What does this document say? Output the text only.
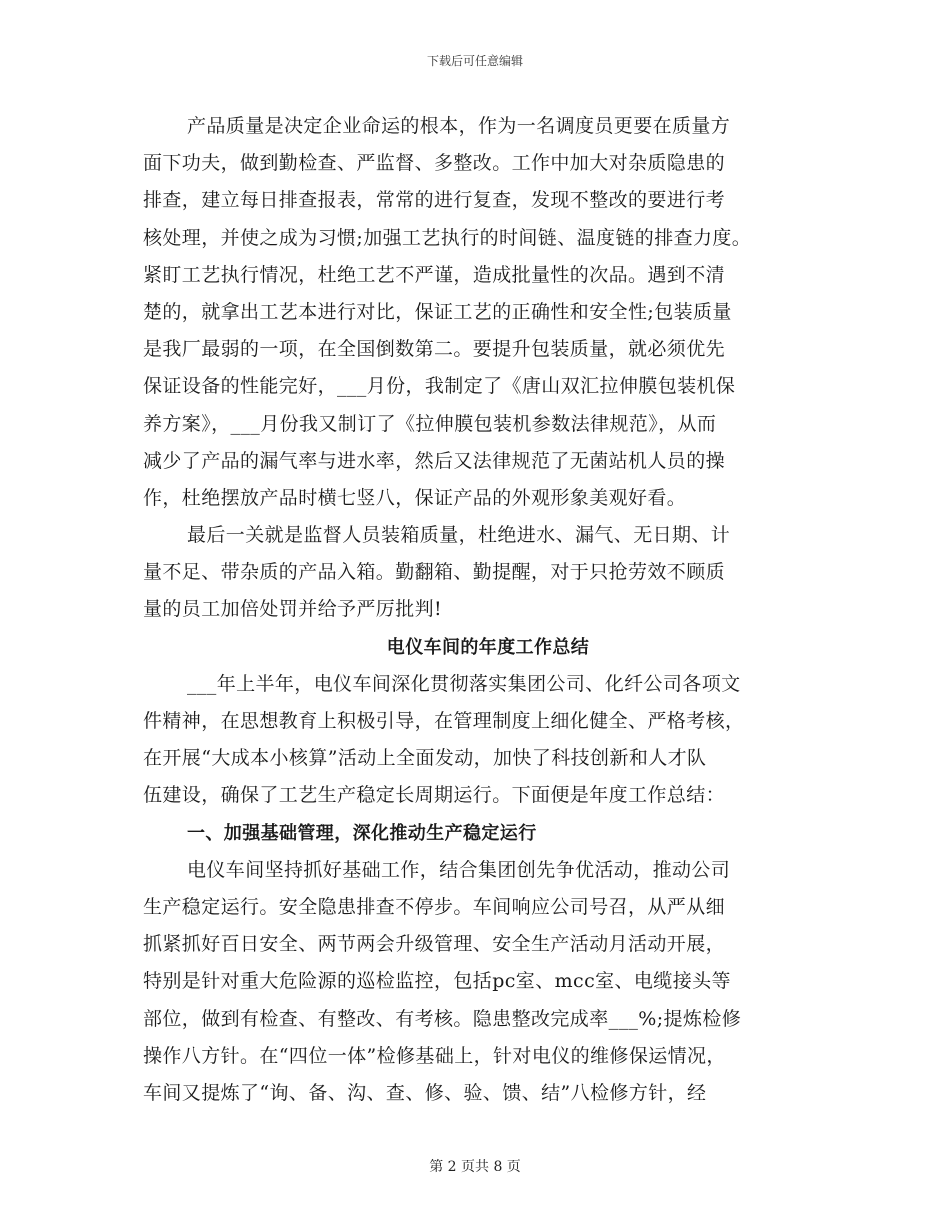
下载后可任意编辑
产品质量是决定企业命运的根本，作为一名调度员更要在质量方
面下功夫，做到勤检查、严监督、多整改。工作中加大对杂质隐患的
排查，建立每日排查报表，常常的进行复查，发现不整改的要进行考
核处理，并使之成为习惯;加强工艺执行的时间链、温度链的排查力度。
紧盯工艺执行情况，杜绝工艺不严谨，造成批量性的次品。遇到不清
楚的，就拿出工艺本进行对比，保证工艺的正确性和安全性;包装质量
是我厂最弱的一项，在全国倒数第二。要提升包装质量，就必须优先
保证设备的性能完好，___月份，我制定了《唐山双汇拉伸膜包装机保
养方案》，___月份我又制订了《拉伸膜包装机参数法律规范》，从而
减少了产品的漏气率与进水率，然后又法律规范了无菌站机人员的操
作，杜绝摆放产品时横七竖八，保证产品的外观形象美观好看。
最后一关就是监督人员装箱质量，杜绝进水、漏气、无日期、计
量不足、带杂质的产品入箱。勤翻箱、勤提醒，对于只抢劳效不顾质
量的员工加倍处罚并给予严厉批判!
电仪车间的年度工作总结
___年上半年，电仪车间深化贯彻落实集团公司、化纤公司各项文
件精神，在思想教育上积极引导，在管理制度上细化健全、严格考核，
在开展“大成本小核算”活动上全面发动，加快了科技创新和人才队
伍建设，确保了工艺生产稳定长周期运行。下面便是年度工作总结：
一、加强基础管理，深化推动生产稳定运行
电仪车间坚持抓好基础工作，结合集团创先争优活动，推动公司
生产稳定运行。安全隐患排查不停步。车间响应公司号召，从严从细
抓紧抓好百日安全、两节两会升级管理、安全生产活动月活动开展，
特别是针对重大危险源的巡检监控，包括pc室、mcc室、电缆接头等
部位，做到有检查、有整改、有考核。隐患整改完成率___%;提炼检修
操作八方针。在“四位一体”检修基础上，针对电仪的维修保运情况，
车间又提炼了“询、备、沟、查、修、验、馈、结”八检修方针，经
第 2 页共 8 页
